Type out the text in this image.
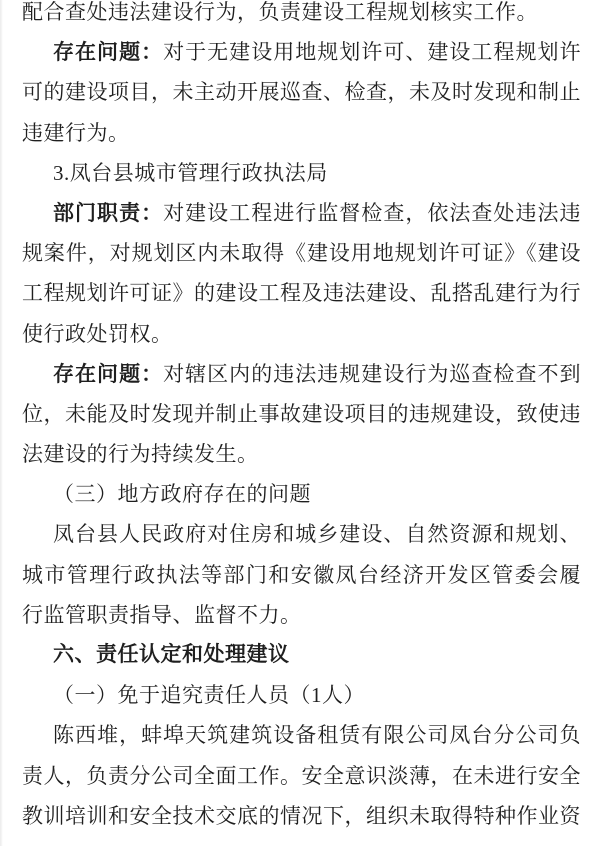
配合查处违法建设行为，负责建设工程规划核实工作。
存在问题：对于无建设用地规划许可、建设工程规划许
可的建设项目，未主动开展巡查、检查，未及时发现和制止
违建行为。
3.凤台县城市管理行政执法局
部门职责：对建设工程进行监督检查，依法查处违法违
规案件，对规划区内未取得《建设用地规划许可证》《建设
工程规划许可证》的建设工程及违法建设、乱搭乱建行为行
使行政处罚权。
存在问题：对辖区内的违法违规建设行为巡查检查不到
位，未能及时发现并制止事故建设项目的违规建设，致使违
法建设的行为持续发生。
（三）地方政府存在的问题
凤台县人民政府对住房和城乡建设、自然资源和规划、
城市管理行政执法等部门和安徽凤台经济开发区管委会履
行监管职责指导、监督不力。
六、责任认定和处理建议
（一）免于追究责任人员（1人）
陈西堆，蚌埠天筑建筑设备租赁有限公司凤台分公司负
责人，负责分公司全面工作。安全意识淡薄，在未进行安全
教训培训和安全技术交底的情况下，组织未取得特种作业资
